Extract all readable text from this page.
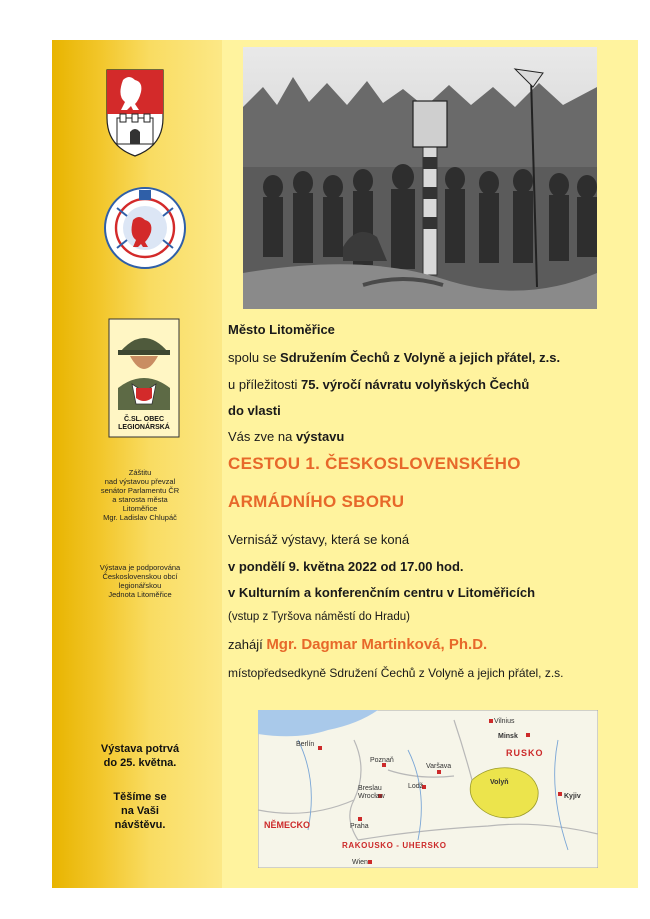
Č.SL. OBEC
LEGIONÁRSKÁ
Záštitu
nad výstavou převzal
senátor Parlamentu ČR
a starosta města
Litoměřice
Mgr. Ladislav Chlupáč
Výstava je podporována
Československou obcí
legionářskou
Jednota Litoměřice
Výstava potrvá
do 25. května.
Těšíme se
na Vaši
návštěvu.
Město Litoměřice
spolu se Sdružením Čechů z Volyně a jejich přátel, z.s.
u příležitosti 75. výročí návratu volyňských Čechů
do vlasti
Vás zve na výstavu
CESTOU 1. ČESKOSLOVENSKÉHO
ARMÁDNÍHO SBORU
Vernisáž výstavy, která se koná
v pondělí 9. května 2022 od 17.00 hod.
v Kulturním a konferenčním centru v Litoměřicích
(vstup z Tyršova náměstí do Hradu)
zahájí Mgr. Dagmar Martinková, Ph.D.
místopředsedkyně Sdružení Čechů z Volyně a jejich přátel, z.s.
Vilnius
Minsk
RUSKO
Berlín
Poznaň
Varšava
Breslau
Wrocław
Lodž
Volyň
Kyjiv
NĚMECKO	Praha
RAKOUSKO - UHERSKO
Wien
